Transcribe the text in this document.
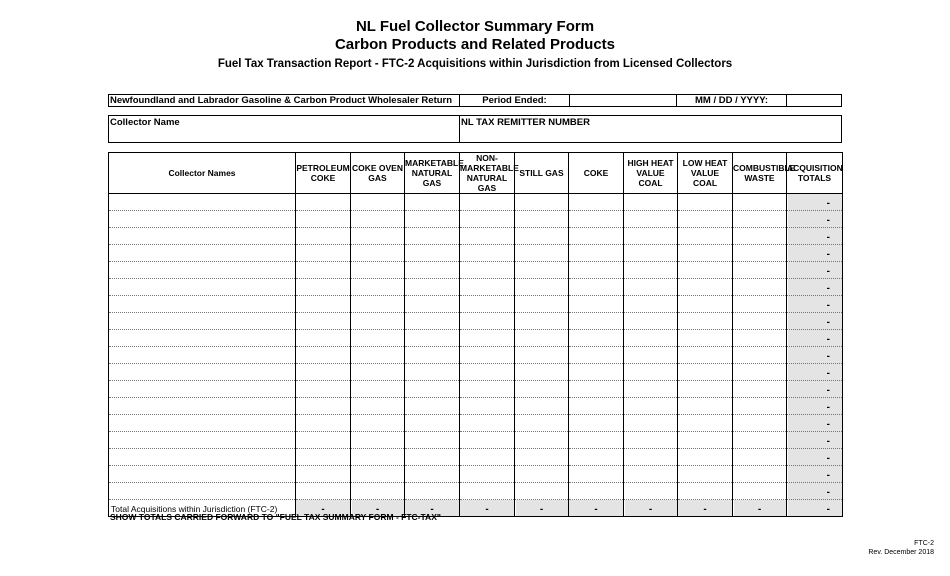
NL Fuel Collector Summary Form
Carbon Products and Related Products
Fuel Tax Transaction Report - FTC-2 Acquisitions within Jurisdiction from Licensed Collectors
Newfoundland and Labrador Gasoline & Carbon Product Wholesaler Return	Period Ended:	MM / DD / YYYY:
Collector Name	NL TAX REMITTER NUMBER
Collector Names	PETROLEUM COKE	COKE OVEN GAS	MARKETABLE NATURAL GAS	NON-MARKETABLE NATURAL GAS	STILL GAS	COKE	HIGH HEAT VALUE COAL	LOW HEAT VALUE COAL	COMBUSTIBLE WASTE	ACQUISITION TOTALS
										-
										-
										-
										-
										-
										-
										-
										-
										-
										-
										-
										-
										-
										-
										-
										-
										-
										-
Total Acquisitions within Jurisdiction (FTC-2)	-	-	-	-	-	-	-	-	-	-
SHOW TOTALS CARRIED FORWARD TO "FUEL TAX SUMMARY FORM - FTC-TAX"
FTC-2
Rev. December 2018
